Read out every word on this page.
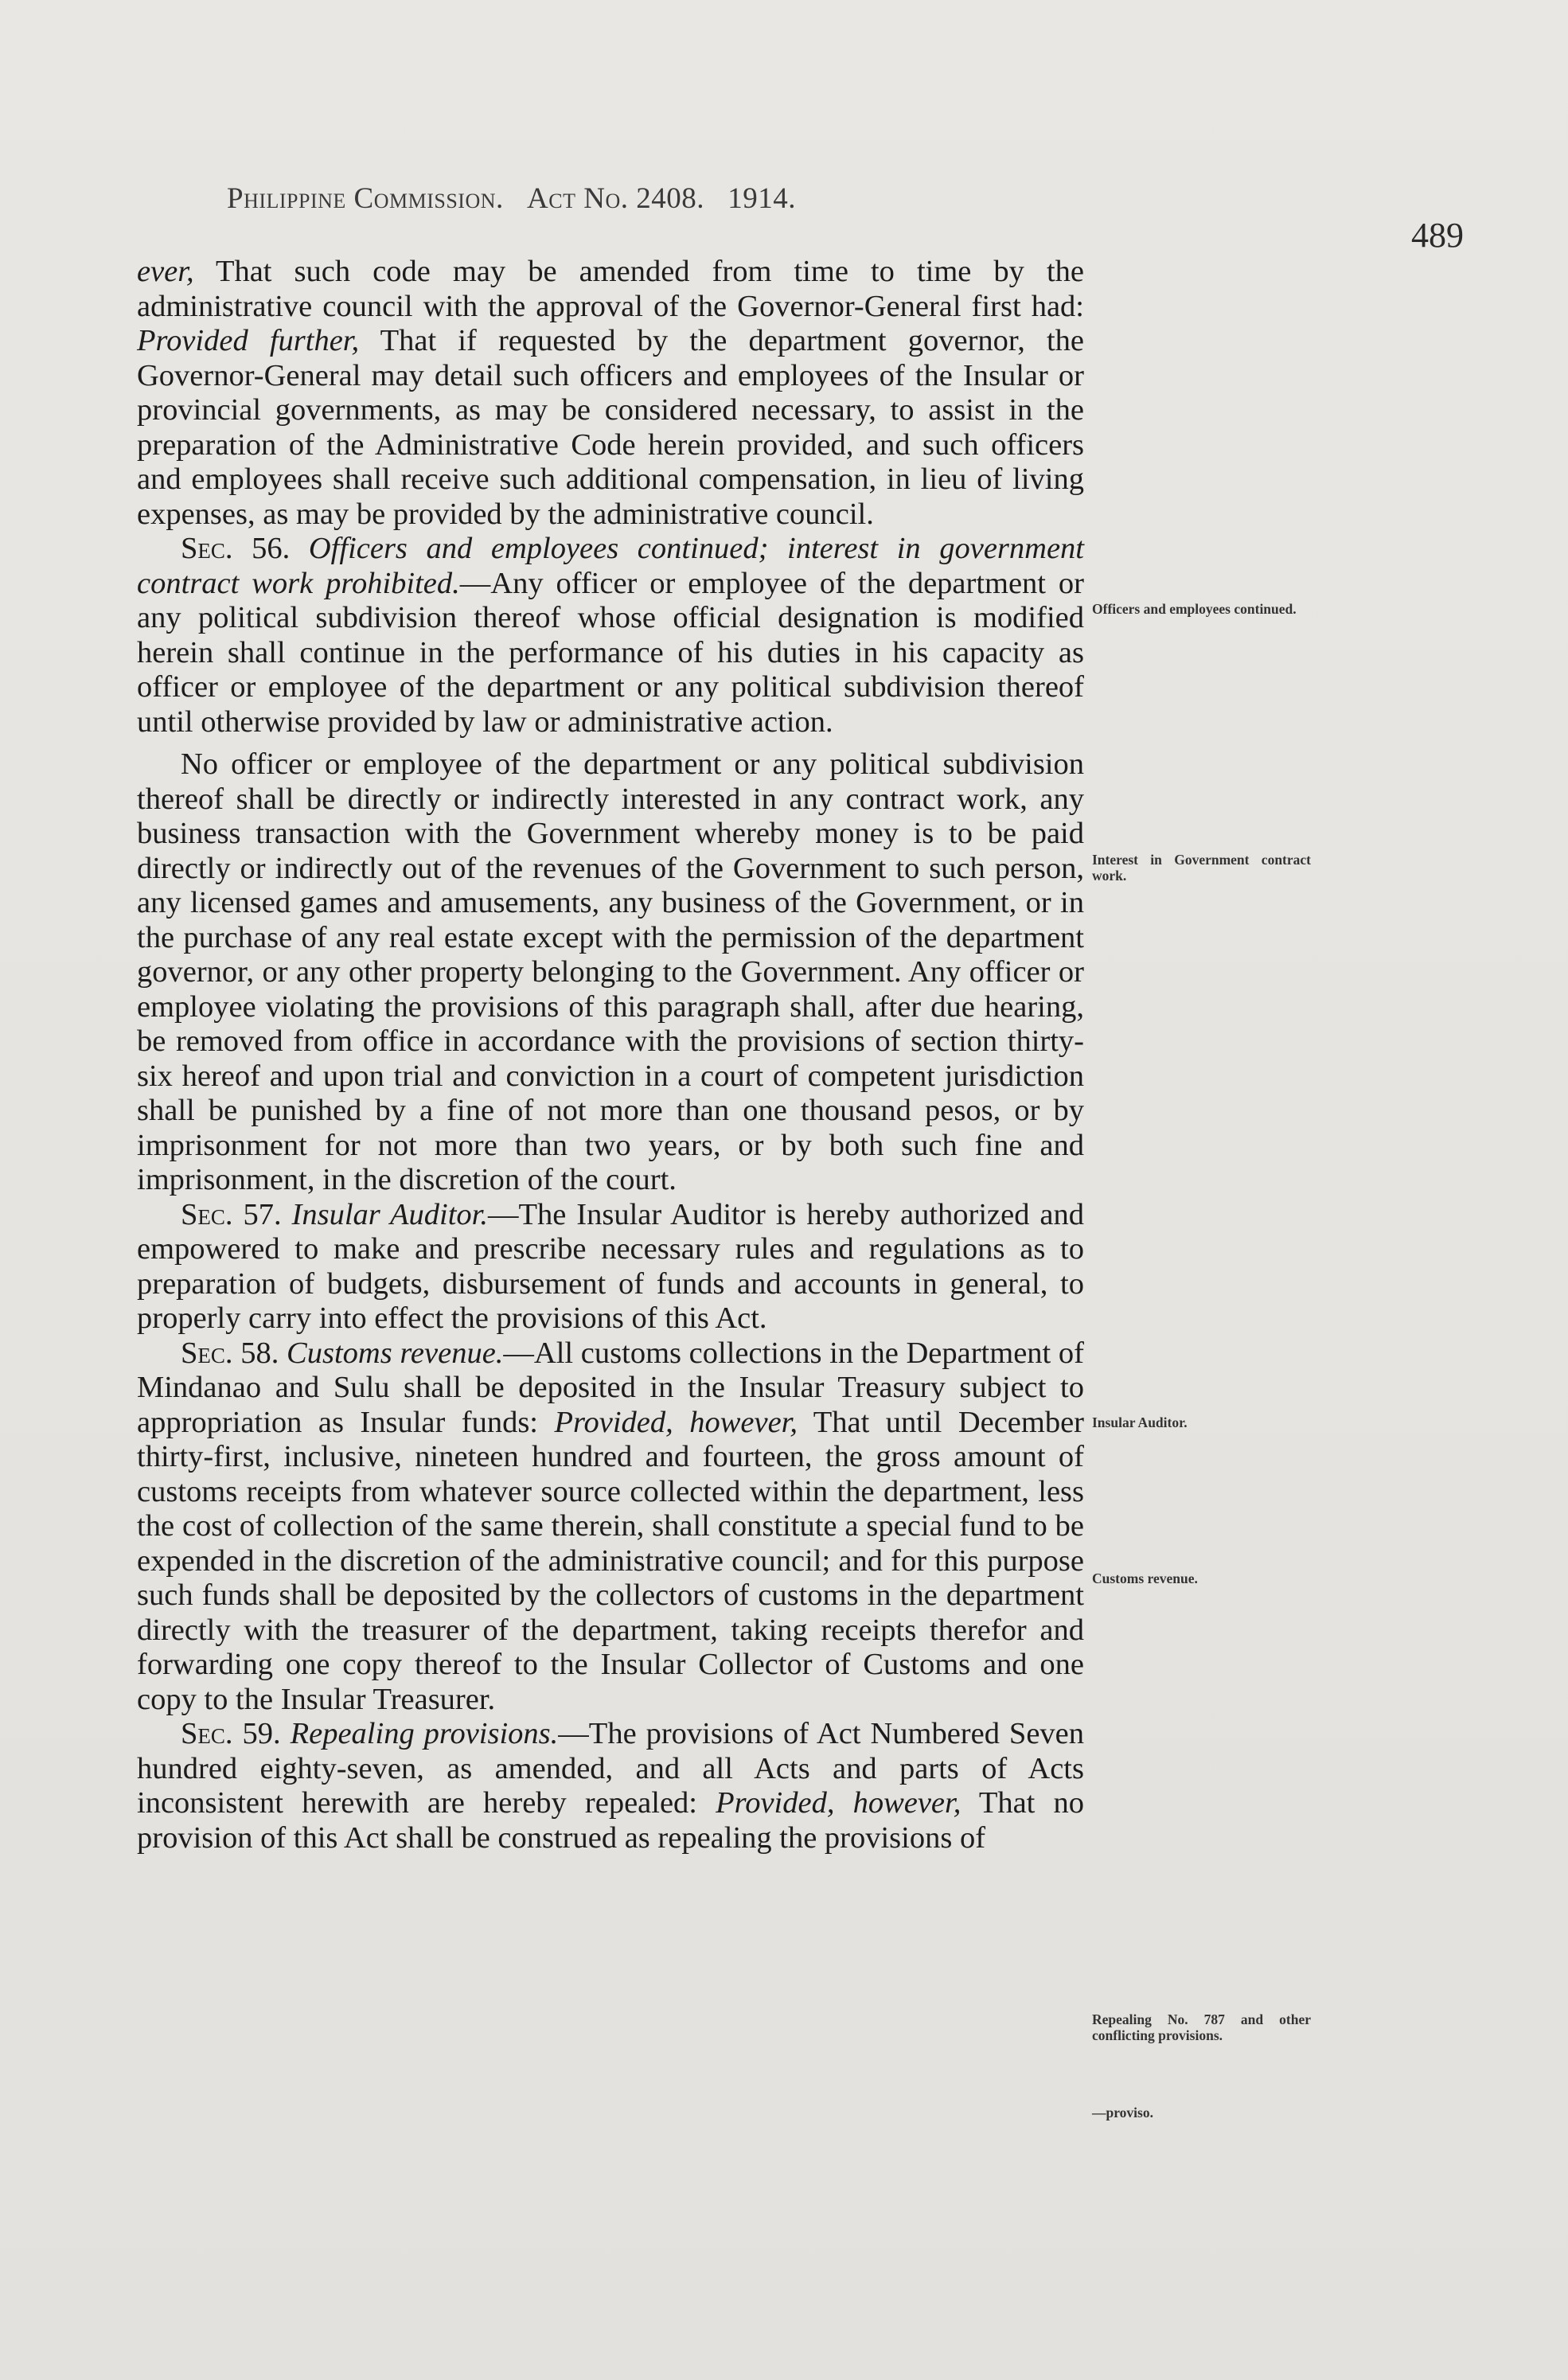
Philippine Commission. Act No. 2408. 1914.
489

ever, That such code may be amended from time to time by the administrative council with the approval of the Governor-General first had: Provided further, That if requested by the department governor, the Governor-General may detail such officers and employees of the Insular or provincial governments, as may be considered necessary, to assist in the preparation of the Administrative Code herein provided, and such officers and employees shall receive such additional compensation, in lieu of living expenses, as may be provided by the administrative council.

Sec. 56. Officers and employees continued; interest in government contract work prohibited.—Any officer or employee of the department or any political subdivision thereof whose official designation is modified herein shall continue in the performance of his duties in his capacity as officer or employee of the department or any political subdivision thereof until otherwise provided by law or administrative action.

No officer or employee of the department or any political subdivision thereof shall be directly or indirectly interested in any contract work, any business transaction with the Government whereby money is to be paid directly or indirectly out of the revenues of the Government to such person, any licensed games and amusements, any business of the Government, or in the purchase of any real estate except with the permission of the department governor, or any other property belonging to the Government. Any officer or employee violating the provisions of this paragraph shall, after due hearing, be removed from office in accordance with the provisions of section thirty-six hereof and upon trial and conviction in a court of competent jurisdiction shall be punished by a fine of not more than one thousand pesos, or by imprisonment for not more than two years, or by both such fine and imprisonment, in the discretion of the court.

Sec. 57. Insular Auditor.—The Insular Auditor is hereby authorized and empowered to make and prescribe necessary rules and regulations as to preparation of budgets, disbursement of funds and accounts in general, to properly carry into effect the provisions of this Act.

Sec. 58. Customs revenue.—All customs collections in the Department of Mindanao and Sulu shall be deposited in the Insular Treasury subject to appropriation as Insular funds: Provided, however, That until December thirty-first, inclusive, nineteen hundred and fourteen, the gross amount of customs receipts from whatever source collected within the department, less the cost of collection of the same therein, shall constitute a special fund to be expended in the discretion of the administrative council; and for this purpose such funds shall be deposited by the collectors of customs in the department directly with the treasurer of the department, taking receipts therefor and forwarding one copy thereof to the Insular Collector of Customs and one copy to the Insular Treasurer.

Sec. 59. Repealing provisions.—The provisions of Act Numbered Seven hundred eighty-seven, as amended, and all Acts and parts of Acts inconsistent herewith are hereby repealed: Provided, however, That no provision of this Act shall be construed as repealing the provisions of

Officers and employees continued.
Interest in Government contract work.
Insular Auditor.
Customs revenue.
Repealing No. 787 and other conflicting provisions.
—proviso.
